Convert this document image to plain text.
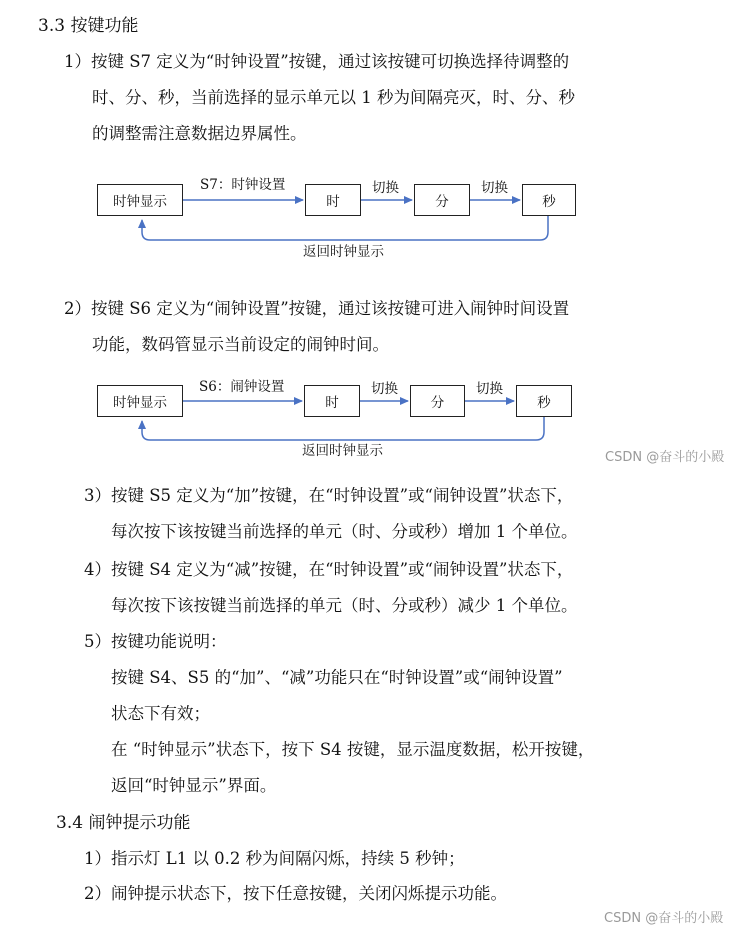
3.3 按键功能
1）按键 S7 定义为“时钟设置”按键，通过该按键可切换选择待调整的
时、分、秒，当前选择的显示单元以 1 秒为间隔亮灭，时、分、秒
的调整需注意数据边界属性。
时钟显示	时	分	秒
S7：时钟设置	切换	切换
返回时钟显示
2）按键 S6 定义为“闹钟设置”按键，通过该按键可进入闹钟时间设置
功能，数码管显示当前设定的闹钟时间。
时钟显示	时	分	秒
S6：闹钟设置	切换	切换
返回时钟显示	CSDN @奋斗的小殿
3）按键 S5 定义为“加”按键，在“时钟设置”或“闹钟设置”状态下，
每次按下该按键当前选择的单元（时、分或秒）增加 1 个单位。
4）按键 S4 定义为“减”按键，在“时钟设置”或“闹钟设置”状态下，
每次按下该按键当前选择的单元（时、分或秒）减少 1 个单位。
5）按键功能说明：
按键 S4、S5 的“加”、“减”功能只在“时钟设置”或“闹钟设置”
状态下有效；
在 “时钟显示”状态下，按下 S4 按键，显示温度数据，松开按键，
返回“时钟显示”界面。
3.4 闹钟提示功能
1）指示灯 L1 以 0.2 秒为间隔闪烁，持续 5 秒钟；
2）闹钟提示状态下，按下任意按键，关闭闪烁提示功能。
CSDN @奋斗的小殿
